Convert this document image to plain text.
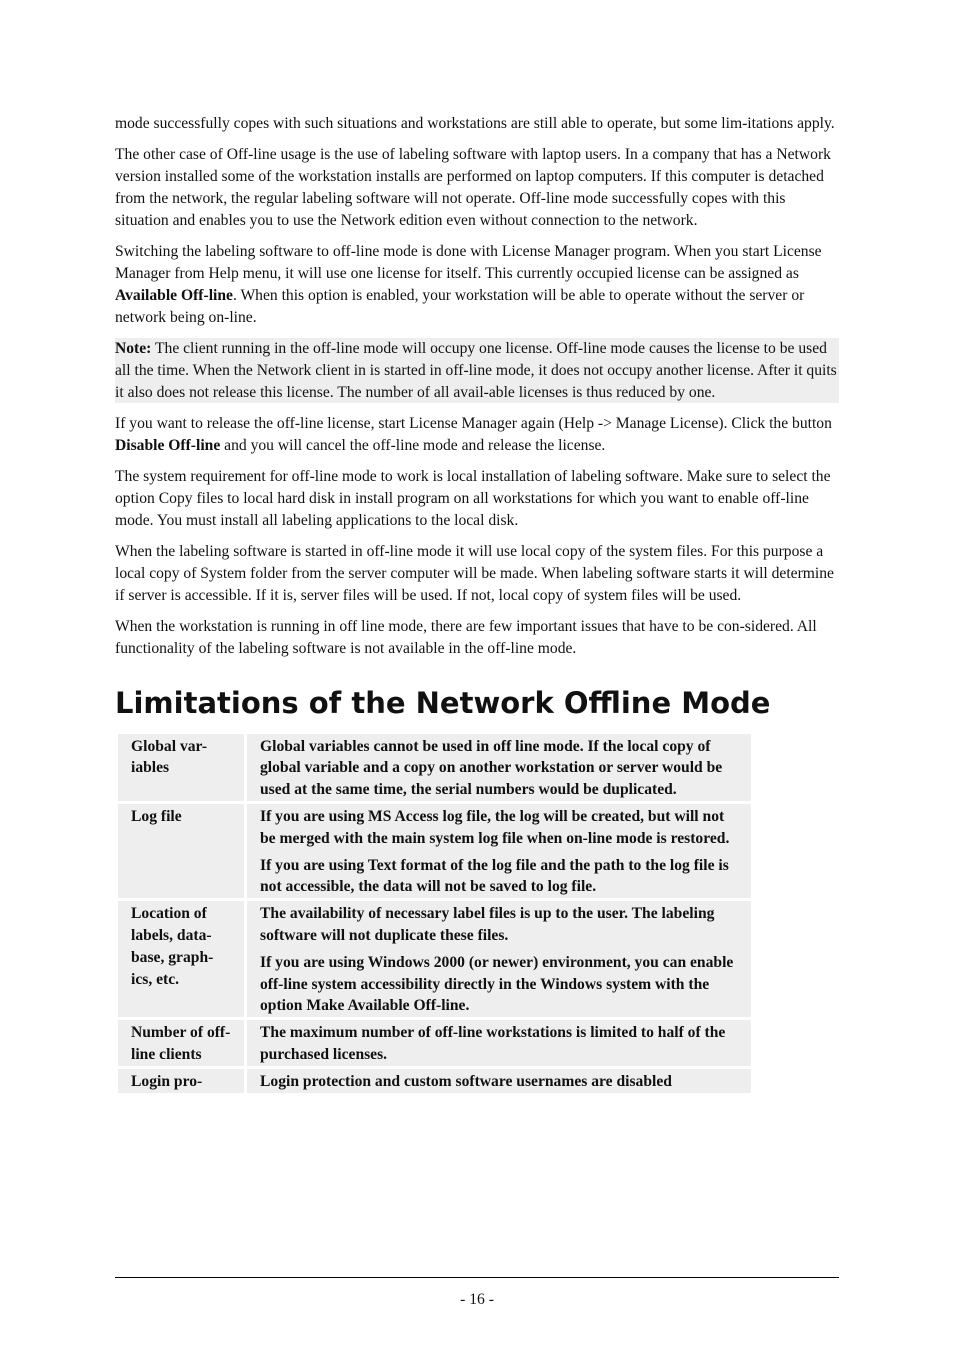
mode successfully copes with such situations and workstations are still able to operate, but some lim-itations apply.

The other case of Off-line usage is the use of labeling software with laptop users. In a company that has a Network version installed some of the workstation installs are performed on laptop computers. If this computer is detached from the network, the regular labeling software will not operate. Off-line mode successfully copes with this situation and enables you to use the Network edition even without connection to the network.

Switching the labeling software to off-line mode is done with License Manager program. When you start License Manager from Help menu, it will use one license for itself. This currently occupied license can be assigned as Available Off-line. When this option is enabled, your workstation will be able to operate without the server or network being on-line.

Note: The client running in the off-line mode will occupy one license. Off-line mode causes the license to be used all the time. When the Network client in is started in off-line mode, it does not occupy another license. After it quits it also does not release this license. The number of all avail-able licenses is thus reduced by one.

If you want to release the off-line license, start License Manager again (Help -> Manage License). Click the button Disable Off-line and you will cancel the off-line mode and release the license.

The system requirement for off-line mode to work is local installation of labeling software. Make sure to select the option Copy files to local hard disk in install program on all workstations for which you want to enable off-line mode. You must install all labeling applications to the local disk.

When the labeling software is started in off-line mode it will use local copy of the system files. For this purpose a local copy of System folder from the server computer will be made. When labeling software starts it will determine if server is accessible. If it is, server files will be used. If not, local copy of system files will be used.

When the workstation is running in off line mode, there are few important issues that have to be con-sidered. All functionality of the labeling software is not available in the off-line mode.

Limitations of the Network Offline Mode
Global var-iables	Global variables cannot be used in off line mode. If the local copy of global variable and a copy on another workstation or server would be used at the same time, the serial numbers would be duplicated.

Log file	If you are using MS Access log file, the log will be created, but will not be merged with the main system log file when on-line mode is restored.

If you are using Text format of the log file and the path to the log file is not accessible, the data will not be saved to log file.

Location of labels, data-base, graph-ics, etc.	The availability of necessary label files is up to the user. The labeling software will not duplicate these files.

If you are using Windows 2000 (or newer) environment, you can enable off-line system accessibility directly in the Windows system with the option Make Available Off-line.

Number of off-line clients	The maximum number of off-line workstations is limited to half of the purchased licenses.

Login pro-	Login protection and custom software usernames are disabled

- 16 -
